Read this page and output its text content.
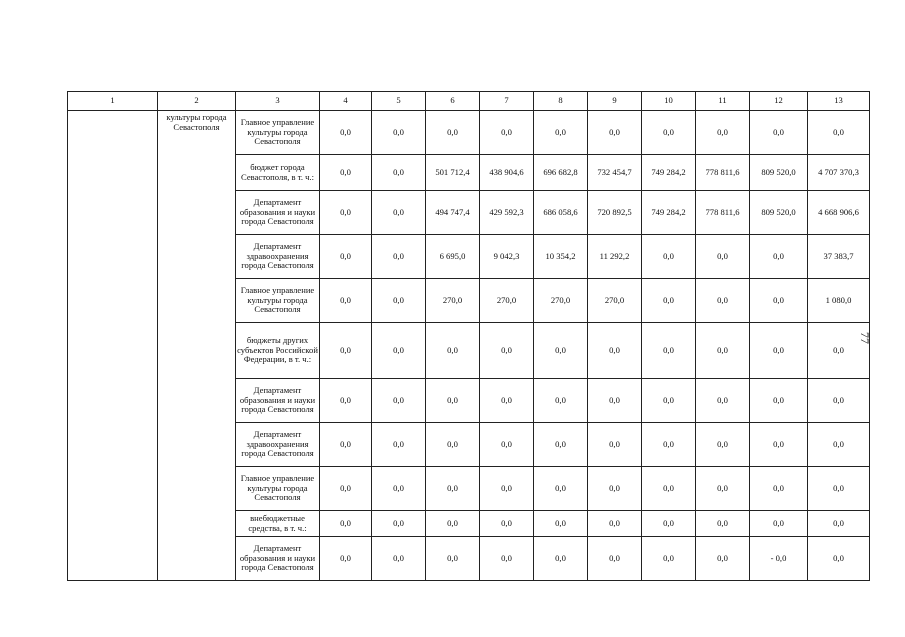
1	2	3	4	5	6	7	8	9	10	11	12	13
	культуры города Севастополя	Главное управление культуры города Севастополя	0,0	0,0	0,0	0,0	0,0	0,0	0,0	0,0	0,0	0,0
		бюджет города Севастополя, в т. ч.:	0,0	0,0	501 712,4	438 904,6	696 682,8	732 454,7	749 284,2	778 811,6	809 520,0	4 707 370,3
		Департамент образования и науки города Севастополя	0,0	0,0	494 747,4	429 592,3	686 058,6	720 892,5	749 284,2	778 811,6	809 520,0	4 668 906,6
		Департамент здравоохранения города Севастополя	0,0	0,0	6 695,0	9 042,3	10 354,2	11 292,2	0,0	0,0	0,0	37 383,7
		Главное управление культуры города Севастополя	0,0	0,0	270,0	270,0	270,0	270,0	0,0	0,0	0,0	1 080,0
		бюджеты других субъектов Российской Федерации, в т. ч.:	0,0	0,0	0,0	0,0	0,0	0,0	0,0	0,0	0,0	0,0
		Департамент образования и науки города Севастополя	0,0	0,0	0,0	0,0	0,0	0,0	0,0	0,0	0,0	0,0
		Департамент здравоохранения города Севастополя	0,0	0,0	0,0	0,0	0,0	0,0	0,0	0,0	0,0	0,0
		Главное управление культуры города Севастополя	0,0	0,0	0,0	0,0	0,0	0,0	0,0	0,0	0,0	0,0
		внебюджетные средства, в т. ч.:	0,0	0,0	0,0	0,0	0,0	0,0	0,0	0,0	0,0	0,0
		Департамент образования и науки города Севастополя	0,0	0,0	0,0	0,0	0,0	0,0	0,0	0,0	- 0,0	0,0
77
